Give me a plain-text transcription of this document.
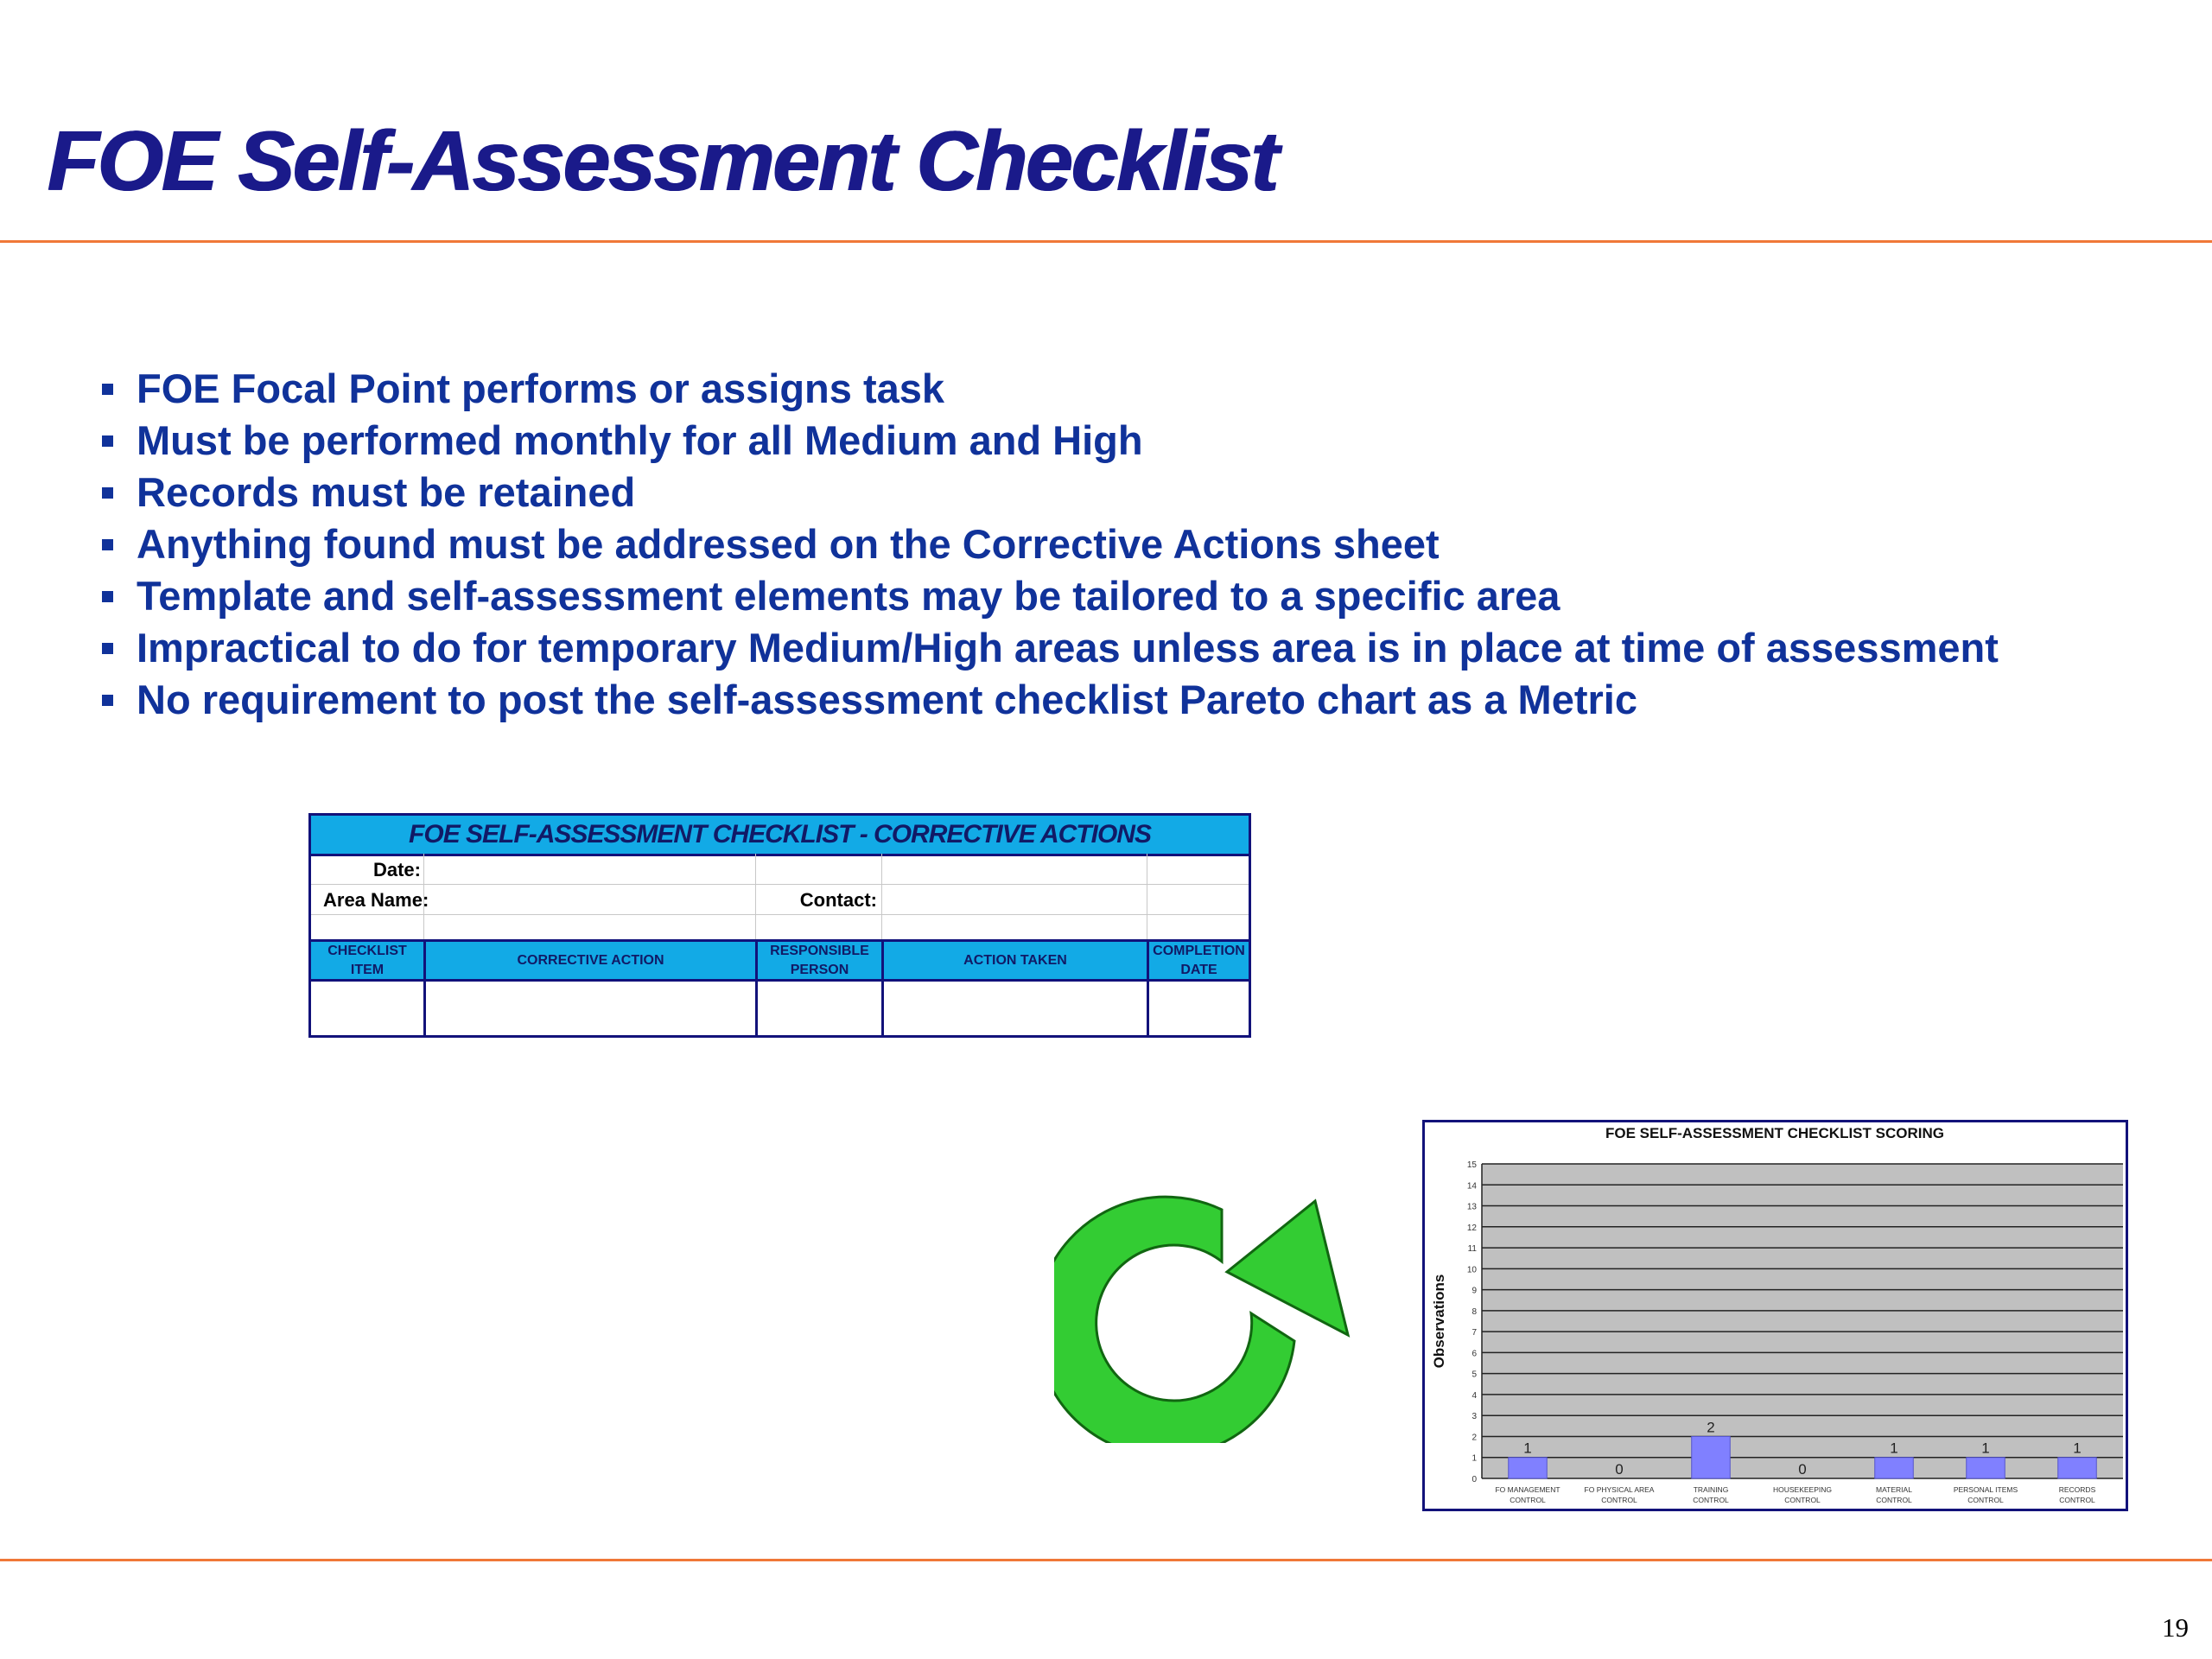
FOE Self-Assessment Checklist
FOE Focal Point performs or assigns task
Must be performed monthly for all Medium and High
Records must be retained
Anything found must be addressed on the Corrective Actions sheet
Template and self-assessment elements may be tailored to a specific area
Impractical to do for temporary Medium/High areas unless area is in place at time of assessment
No requirement to post the self-assessment checklist Pareto chart as a Metric
FOE SELF-ASSESSMENT CHECKLIST - CORRECTIVE ACTIONS
Date:
Area Name:	Contact:
CHECKLIST ITEM
CORRECTIVE ACTION
RESPONSIBLE PERSON
ACTION TAKEN
COMPLETION DATE
FOE SELF-ASSESSMENT CHECKLIST SCORING
Observations
0
1
2
3
4
5
6
7
8
9
10
11
12
13
14
15
1
FO MANAGEMENT
CONTROL
0
FO PHYSICAL AREA
CONTROL
2
TRAINING
CONTROL
0
HOUSEKEEPING
CONTROL
1
MATERIAL
CONTROL
1
PERSONAL ITEMS
CONTROL
1
RECORDS
CONTROL
19
